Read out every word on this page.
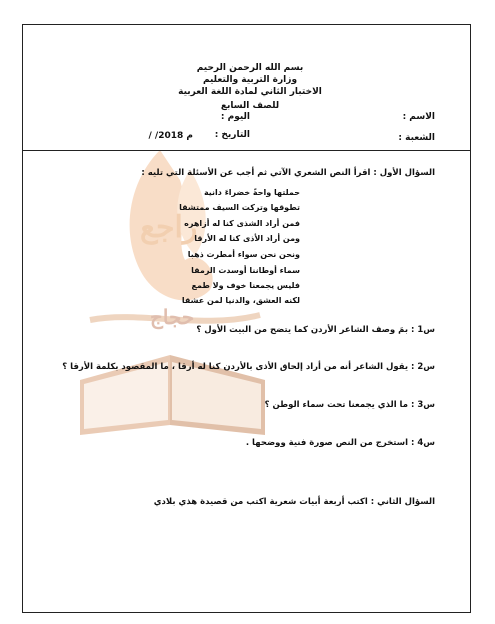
راجع
حجاج
بسم الله الرحمن الرحيم
وزارة التربية والتعليم
الاختبار الثاني لمادة اللغة العربية
للصف السابع
الاسم :
اليوم :
الشعبة :
التاريخ :
/ /2018 م
السؤال الأول : اقرأ النص الشعري الآتي ثم أجب عن الأسئلة التي تليه :
حملتها واحةً خضراءَ دانية
تطوقها وتركت السيف ممتشقا
فمن أراد الشذى كنا له أزاهره
ومن أراد الأذى كنا له الأرقا
ونحن نحن سواء أمطرت ذهبا
سماء أوطاننا أوسدت الرمقا
فليس يجمعنا خوف ولا طمع
لكنه العشق، والدنيا لمن عشقا
س1 : بمَ وصف الشاعر الأردن كما يتضح من البيت الأول ؟
س2 : يقول الشاعر أنه من أراد إلحاق الأذى بالأردن كنا له أرقا ، ما المقصود بكلمة الأرقا ؟
س3 : ما الذي يجمعنا تحت سماء الوطن ؟
س4 : استخرج من النص صورة فنية ووضحها .
السؤال الثاني : اكتب أربعة أبيات شعرية اكتب من قصيدة هذي بلادي
